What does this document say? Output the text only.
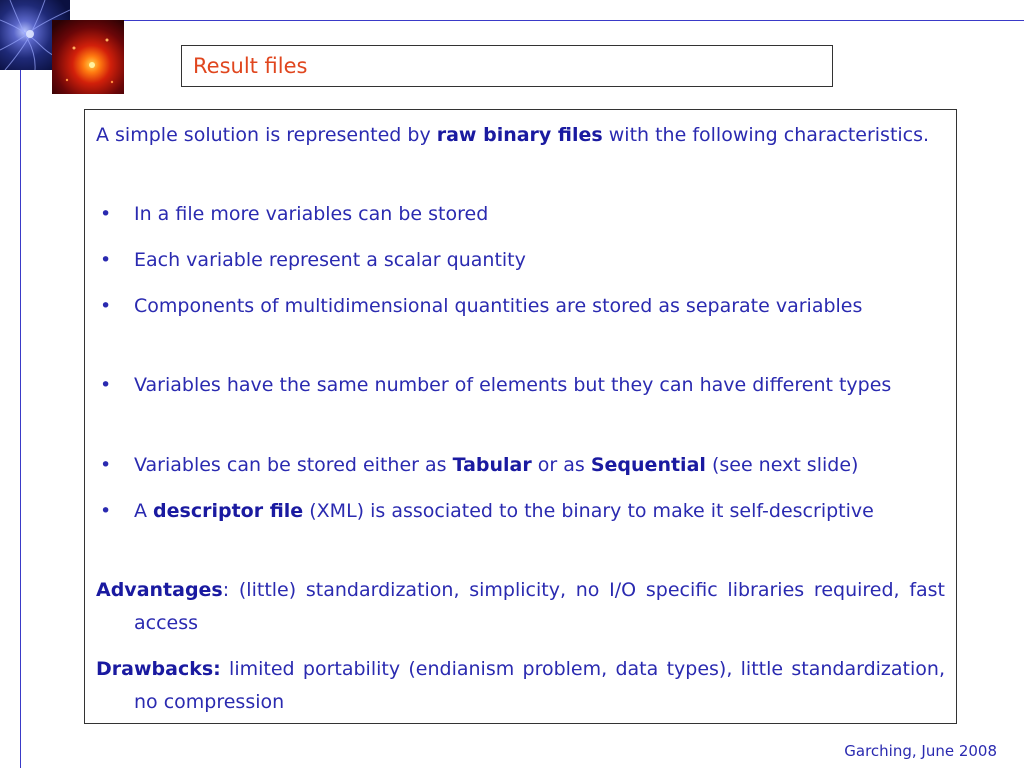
Result files
A simple solution is represented by raw binary files with the following characteristics.
• In a file more variables can be stored
• Each variable represent a scalar quantity
• Components of multidimensional quantities are stored as separate variables
• Variables have the same number of elements but they can have different types
• Variables can be stored either as Tabular or as Sequential (see next slide)
• A descriptor file (XML) is associated to the binary to make it self-descriptive
Advantages: (little) standardization, simplicity, no I/O specific libraries required, fast access
Drawbacks: limited portability (endianism problem, data types), little standardization, no compression
Garching, June 2008
